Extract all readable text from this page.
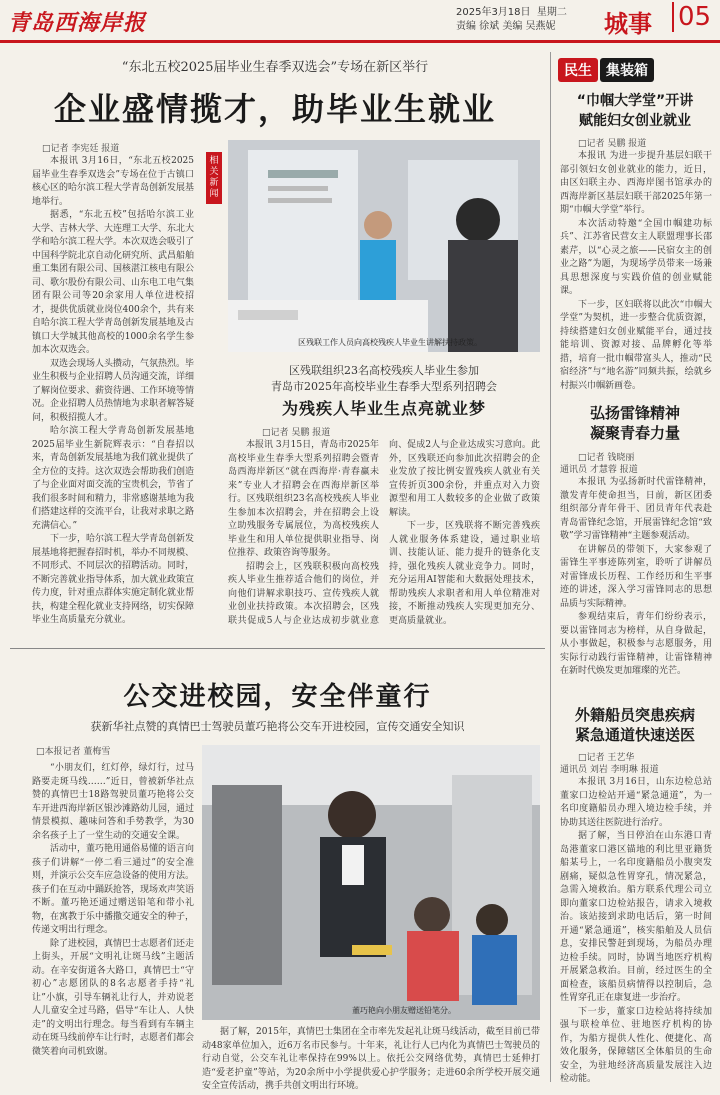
青岛西海岸报	2025年3月18日 星期二
责编 徐斌 美编 吴燕妮	城事 05
“东北五校2025届毕业生春季双选会”专场在新区举行
企业盛情揽才，助毕业生就业
□记者 李宪廷 报道

本报讯 3月16日，“东北五校2025届毕业生春季双选会”专场在位于古镇口核心区的哈尔滨工程大学青岛创新发展基地举行。

据悉，“东北五校”包括哈尔滨工业大学、吉林大学、大连理工大学、东北大学和哈尔滨工程大学。本次双选会吸引了中国科学院北京自动化研究所、武昌船舶重工集团有限公司、国核湛江核电有限公司、歌尔股份有限公司、山东电工电气集团有限公司等20余家用人单位进校招才，提供优质就业岗位400余个，共有来自哈尔滨工程大学青岛创新发展基地及古镇口大学城其他高校的1000余名学生参加本次双选会。

双选会现场人头攒动，气氛热烈。毕业生积极与企业招聘人员沟通交流，详细了解岗位要求、薪资待遇、工作环境等情况。企业招聘人员热情地为求职者解答疑问，积极招揽人才。

哈尔滨工程大学青岛创新发展基地2025届毕业生新院辉表示：“自春招以来，青岛创新发展基地为我们就业提供了全方位的支持。这次双选会帮助我们创造了与企业面对面交流的宝贵机会，节省了我们很多时间和精力，非常感谢基地为我们搭建这样的交流平台，让我对求职之路充满信心。”

下一步，哈尔滨工程大学青岛创新发展基地将把握春招时机，举办不同规模、不同形式、不同层次的招聘活动。同时，不断完善就业指导体系，加大就业政策宣传力度，针对重点群体实施定制化就业帮扶，构建全程化就业支持网络，切实保障毕业生高质量充分就业。

相关新闻
区残联工作人员向高校残疾人毕业生讲解扶持政策。
区残联组织23名高校残疾人毕业生参加
青岛市2025年高校毕业生春季大型系列招聘会
为残疾人毕业生点亮就业梦
□记者 吴鹏 报道

本报讯 3月15日，青岛市2025年高校毕业生春季大型系列招聘会暨青岛西海岸新区“就在西海岸·青春赢未来”专业人才招聘会在西海岸新区举行。区残联组织23名高校残疾人毕业生参加本次招聘会，并在招聘会上设立助残服务专属展位，为高校残疾人毕业生和用人单位提供职业指导、岗位推荐、政策咨询等服务。

招聘会上，区残联积极向高校残疾人毕业生推荐适合他们的岗位，并向他们讲解求职技巧、宣传残疾人就业创业扶持政策。本次招聘会，区残联共促成5人与企业达成初步就业意向、促成2人与企业达成实习意向。此外，区残联还向参加此次招聘会的企业发放了按比例安置残疾人就业有关宣传折页300余份，并重点对入力资源型和用工人数较多的企业做了政策解读。

下一步，区残联将不断完善残疾人就业服务体系建设，通过职业培训、技能认证、能力提升的链条化支持，强化残疾人就业竞争力。同时，充分运用AI智能和大数据处理技术，帮助残疾人求职者和用人单位精准对接，不断推动残疾人实现更加充分、更高质量就业。

民生	集装箱
“巾帼大学堂”开讲
赋能妇女创业就业
□记者 吴鹏 报道

本报讯 为进一步提升基层妇联干部引领妇女创业就业的能力，近日，由区妇联主办、西海岸图书馆承办的西海岸新区基层妇联干部2025年第一期“巾帼大学堂”举行。

本次活动特邀“全国巾帼建功标兵”、江苏省民营女主人联盟理事长邵素芹，以“心灵之旅——民宿女主的创业之路”为题，为现场学员带来一场兼具思想深度与实践价值的创业赋能课。

下一步，区妇联将以此次“巾帼大学堂”为契机，进一步整合优质资源，持续搭建妇女创业赋能平台，通过技能培训、资源对接、品牌孵化等举措，培育一批巾帼带富头人，推动“民宿经济”与“地名游”同频共振，绘就乡村振兴巾帼新画卷。

弘扬雷锋精神
凝聚青春力量
□记者 钱晓丽
通讯员 才慧蓉 报道

本报讯 为弘扬新时代雷锋精神，激发青年使命担当，日前，新区团委组织部分青年骨干、团员青年代表赴青岛雷锋纪念馆，开展雷锋纪念馆“致敬”学习雷锋精神“主题参观活动。

在讲解员的带领下，大家参观了雷锋生平事迹陈列室，聆听了讲解员对雷锋成长历程、工作经历和生平事迹的讲述，深入学习雷锋同志的思想品质与实际精神。

参观结束后，青年们纷纷表示，要以雷锋同志为榜样，从自身做起，从小事做起，积极参与志愿服务，用实际行动践行雷锋精神，让雷锋精神在新时代焕发更加璀璨的光芒。

外籍船员突患疾病
紧急通道快速送医
□记者 王艺华
通讯员 刘岩 李明琳 报道

本报讯 3月16日，山东边检总站董家口边检站开通“紧急通道”，为一名印度籍船员办理入境边检手续，并协助其送往医院进行治疗。

据了解，当日停泊在山东港口青岛港董家口港区锚地的利比里亚籍货船某号上，一名印度籍船员小腹突发剧痛，疑似急性胃穿孔，情况紧急，急需入境救治。船方联系代理公司立即向董家口边检站报告，请求入境救治。该站接到求助电话后，第一时间开通“紧急通道”，核实船舶及人员信息，安排民警赶到现场，为船员办理边检手续。同时，协调当地医疗机构开展紧急救治。目前，经过医生的全面检查，该船员病情得以控制后，急性胃穿孔正在康复进一步治疗。

下一步，董家口边检站将持续加强与联检单位、驻地医疗机构的协作，为船方提供人性化、便捷化、高效化服务，保障辖区全体船员的生命安全，为驻地经济高质量发展注入边检动能。

公交进校园，安全伴童行
获新华社点赞的真情巴士驾驶员董巧艳将公交车开进校园，宣传交通安全知识
□本报记者 董梅雪

“小朋友们，红灯停，绿灯行，过马路要走斑马线……”近日，曾被新华社点赞的真情巴士18路驾驶员董巧艳将公交车开进西海岸新区银沙滩路幼儿园，通过情景模拟、趣味问答和手势教学，为30余名孩子上了一堂生动的交通安全课。

活动中，董巧艳用通俗易懂的语言向孩子们讲解“一停二看三通过”的安全准则，并演示公交车应急设备的使用方法。孩子们在互动中踊跃抢答，现场欢声笑语不断。董巧艳还通过赠送铅笔和带小礼物，在寓教于乐中播撒交通安全的种子，传递文明出行理念。

除了进校园，真情巴士志愿者们还走上街头，开展“文明礼让斑马线”主题活动。在辛安街道各大路口，真情巴士“守初心”志愿团队的8名志愿者手持“礼让”小旗，引导车辆礼让行人，并劝说老人儿童安全过马路，倡导“车让人、人快走”的文明出行理念。每当看到有车辆主动在斑马线前停车让行时，志愿者们都会微笑着向司机致谢。

董巧艳向小朋友赠送铅笔分。

据了解，2015年，真情巴士集团在全市率先发起礼让斑马线活动，截至目前已带动48家单位加入，近6万名市民参与。十年来，礼让行人已内化为真情巴士驾驶员的行动自觉，公交车礼让率保持在99%以上。依托公交网络优势，真情巴士延伸打造“爱老护童”等站，为20余所中小学提供爱心护学服务；走进60余所学校开展交通安全宣传活动，携手共创文明出行环境。
